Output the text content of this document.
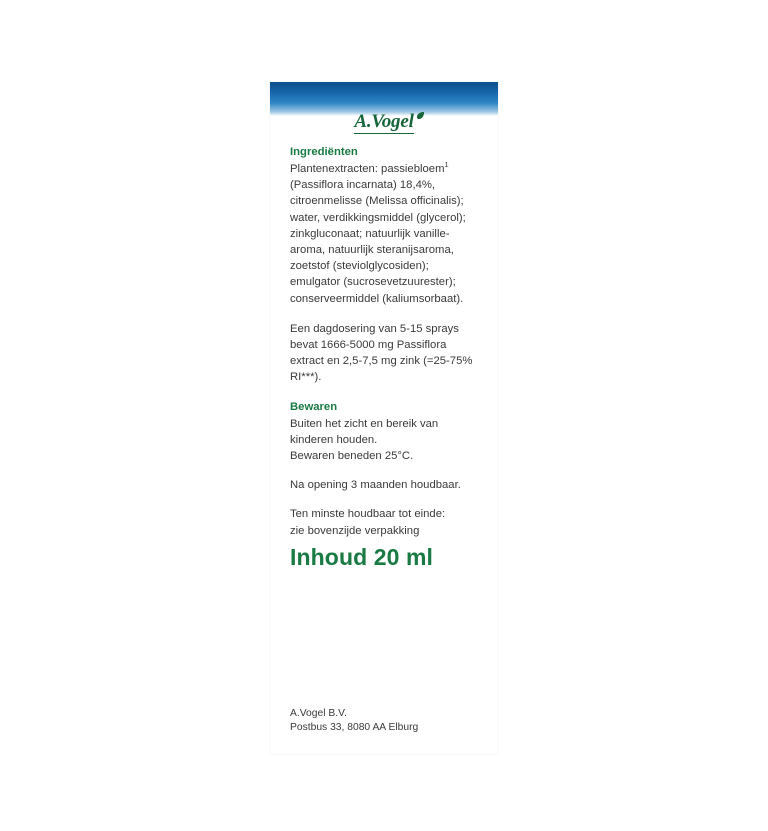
A.Vogel
Ingrediënten

Plantenextracten: passiebloem$^1$

(Passiflora incarnata) 18,4%, citroenmelisse (Melissa officinalis); water, verdikkingsmiddel (glycerol); zinkgluconaat; natuurlijk vanille-aroma, natuurlijk steranijsaroma, zoetstof (steviolglycosiden); emulgator (sucrosevetzuurester); conserveermiddel (kaliumsorbaat).

Een dagdosering van 5-15 sprays bevat 1666-5000 mg Passiflora extract en 2,5-7,5 mg zink (=25-75% RI***).

Bewaren

Buiten het zicht en bereik van kinderen houden.

Bewaren beneden 25°C.

Na opening 3 maanden houdbaar.

Ten minste houdbaar tot einde:

zie bovenzijde verpakking

Inhoud 20 ml
A.Vogel B.V.
Postbus 33, 8080 AA Elburg
